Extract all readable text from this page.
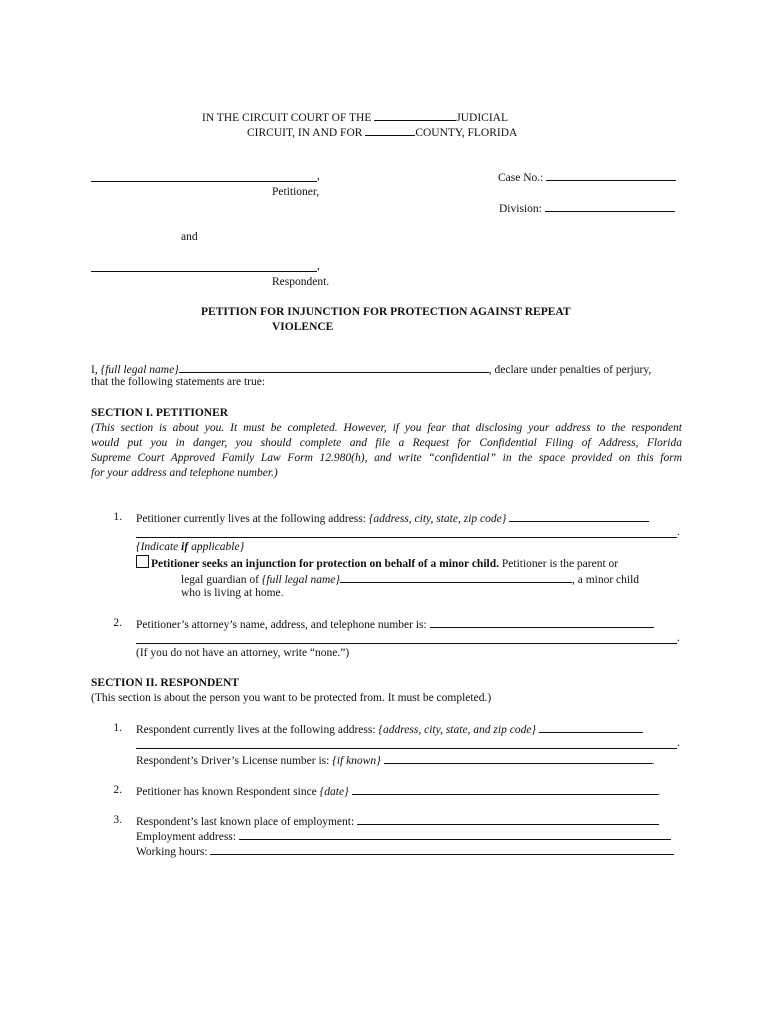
IN THE CIRCUIT COURT OF THE	JUDICIAL
CIRCUIT, IN AND FOR	COUNTY, FLORIDA
,
Petitioner,
Case No.:
Division:
and
,
Respondent.
PETITION FOR INJUNCTION FOR PROTECTION AGAINST REPEAT
VIOLENCE
I, {full legal name}	, declare under penalties of perjury,
that the following statements are true:
SECTION I. PETITIONER
(This section is about you. It must be completed. However, if you fear that disclosing your address to the respondent
would put you in danger, you should complete and file a Request for Confidential Filing of Address, Florida
Supreme Court Approved Family Law Form 12.980(h), and write “confidential” in the space provided on this form
for your address and telephone number.)
1. Petitioner currently lives at the following address: {address, city, state, zip code}
.
{Indicate if applicable}
Petitioner seeks an injunction for protection on behalf of a minor child. Petitioner is the parent or
legal guardian of {full legal name}	, a minor child
who is living at home.
2. Petitioner’s attorney’s name, address, and telephone number is:
.
(If you do not have an attorney, write “none.”)
SECTION II. RESPONDENT
(This section is about the person you want to be protected from. It must be completed.)
1. Respondent currently lives at the following address: {address, city, state, and zip code}
.
Respondent’s Driver’s License number is: {if known}	.
2. Petitioner has known Respondent since {date}	.
3. Respondent’s last known place of employment:
Employment address:
Working hours:
